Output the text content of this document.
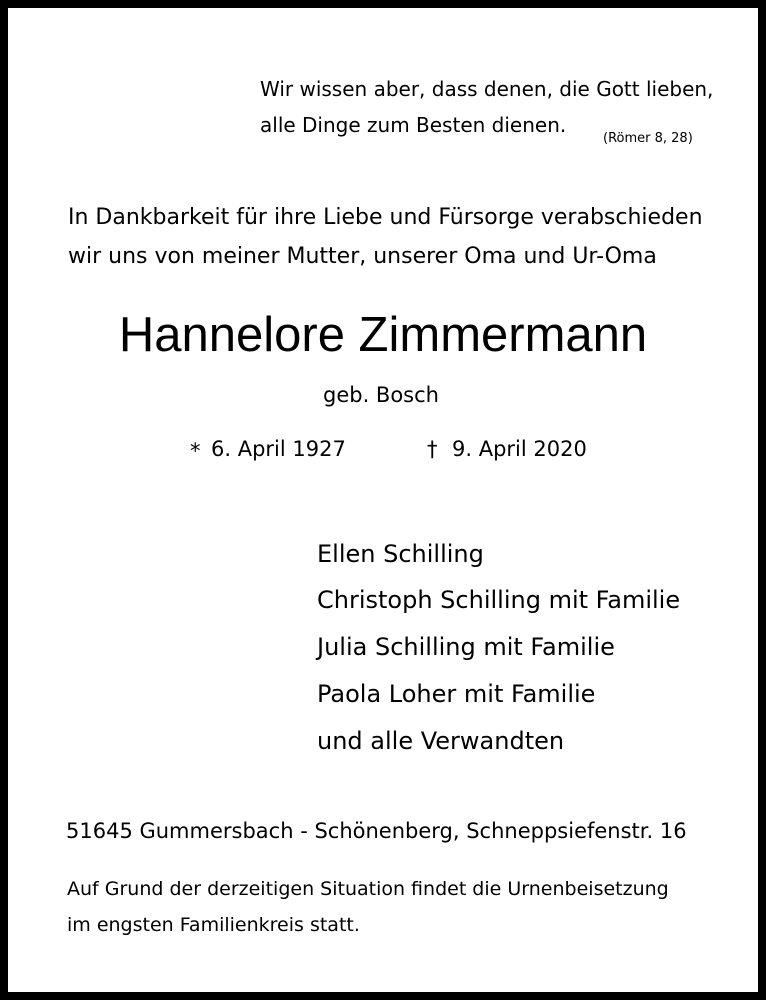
Wir wissen aber, dass denen, die Gott lieben,
alle Dinge zum Besten dienen.
(Römer 8, 28)
In Dankbarkeit für ihre Liebe und Fürsorge verabschieden
wir uns von meiner Mutter, unserer Oma und Ur-Oma
Hannelore Zimmermann
geb. Bosch
* 6. April 1927	† 9. April 2020
Ellen Schilling
Christoph Schilling mit Familie
Julia Schilling mit Familie
Paola Loher mit Familie
und alle Verwandten
51645 Gummersbach - Schönenberg, Schneppsiefenstr. 16
Auf Grund der derzeitigen Situation findet die Urnenbeisetzung
im engsten Familienkreis statt.
